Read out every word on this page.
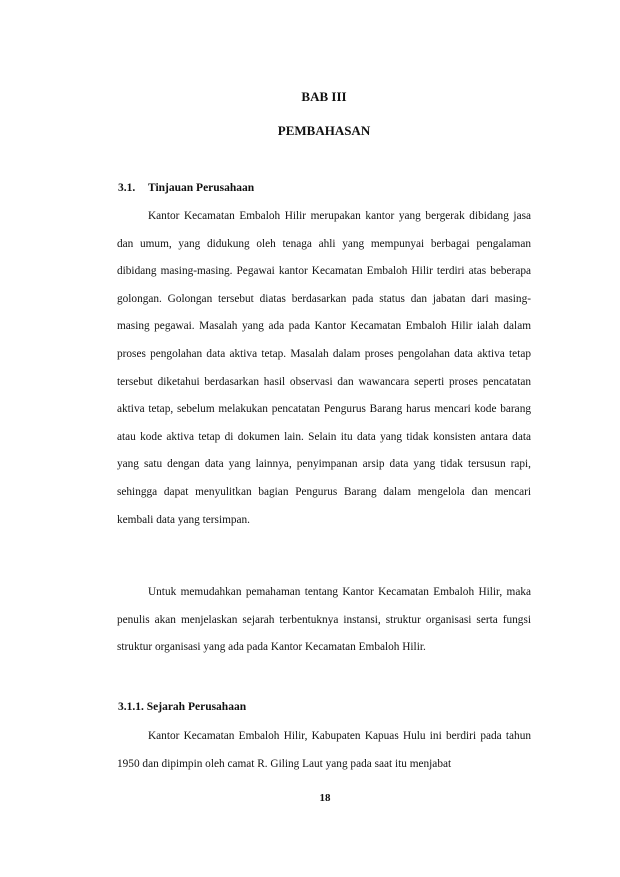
BAB III
PEMBAHASAN
3.1. Tinjauan Perusahaan

Kantor Kecamatan Embaloh Hilir merupakan kantor yang bergerak dibidang jasa dan umum, yang didukung oleh tenaga ahli yang mempunyai berbagai pengalaman dibidang masing-masing. Pegawai kantor Kecamatan Embaloh Hilir terdiri atas beberapa golongan. Golongan tersebut diatas berdasarkan pada status dan jabatan dari masing-masing pegawai. Masalah yang ada pada Kantor Kecamatan Embaloh Hilir ialah dalam proses pengolahan data aktiva tetap. Masalah dalam proses pengolahan data aktiva tetap tersebut diketahui berdasarkan hasil observasi dan wawancara seperti proses pencatatan aktiva tetap, sebelum melakukan pencatatan Pengurus Barang harus mencari kode barang atau kode aktiva tetap di dokumen lain. Selain itu data yang tidak konsisten antara data yang satu dengan data yang lainnya, penyimpanan arsip data yang tidak tersusun rapi, sehingga dapat menyulitkan bagian Pengurus Barang dalam mengelola dan mencari kembali data yang tersimpan.

Untuk memudahkan pemahaman tentang Kantor Kecamatan Embaloh Hilir, maka penulis akan menjelaskan sejarah terbentuknya instansi, struktur organisasi serta fungsi struktur organisasi yang ada pada Kantor Kecamatan Embaloh Hilir.

3.1.1. Sejarah Perusahaan

Kantor Kecamatan Embaloh Hilir, Kabupaten Kapuas Hulu ini berdiri pada tahun 1950 dan dipimpin oleh camat R. Giling Laut yang pada saat itu menjabat

18
